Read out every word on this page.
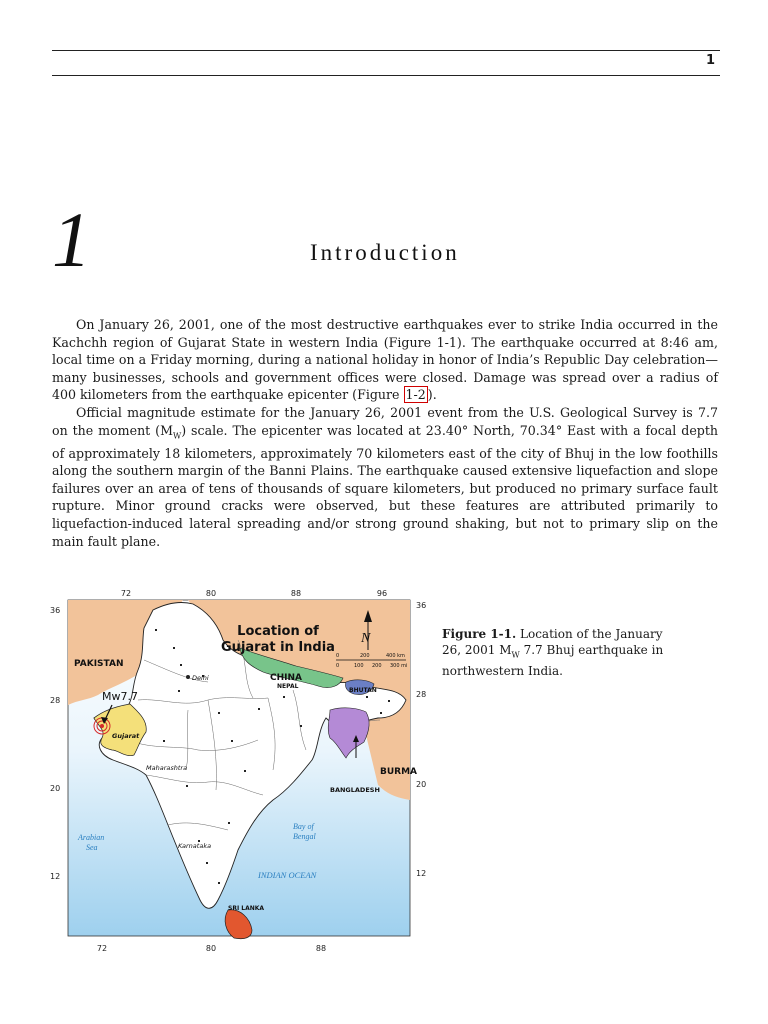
1
1	Introduction

On January 26, 2001, one of the most destructive earthquakes ever to strike India occurred in the Kachchh region of Gujarat State in western India (Figure 1-1). The earthquake occurred at 8:46 am, local time on a Friday morning, during a national holiday in honor of India’s Republic Day celebration—many businesses, schools and government offices were closed. Damage was spread over a radius of 400 kilometers from the earthquake epicenter (Figure 1-2 ).

Official magnitude estimate for the January 26, 2001 event from the U.S. Geological Survey is 7.7 on the moment $(M_W)$ scale. The epicenter was located at 23.40° North, 70.34° East with a focal depth of approximately 18 kilometers, approximately 70 kilometers east of the city of Bhuj in the low foothills along the southern margin of the Banni Plains. The earthquake caused extensive liquefaction and slope failures over an area of tens of thousands of square kilometers, but produced no primary surface fault rupture. Minor ground cracks were observed, but these features are attributed primarily to liquefaction-induced lateral spreading and/or strong ground shaking, but not to primary slip on the main fault plane.

72	80	88	96
72	80	88
36
28
20
12
36
28
20
12
Location of
Gujarat in India
N
0	200	400 km
0	100 200 300 mi
PAKISTAN
CHINA
NEPAL
BHUTAN
BURMA
BANGLADESH
SRI LANKA
Delhi
Gujarat
Maharashtra
Karnataka
Mw7.7
Bay of
Bengal
Arabian
Sea
INDIAN OCEAN
Figure 1-1. Location of the January 26, 2001 $M_W$ 7.7 Bhuj earthquake in northwestern India.
